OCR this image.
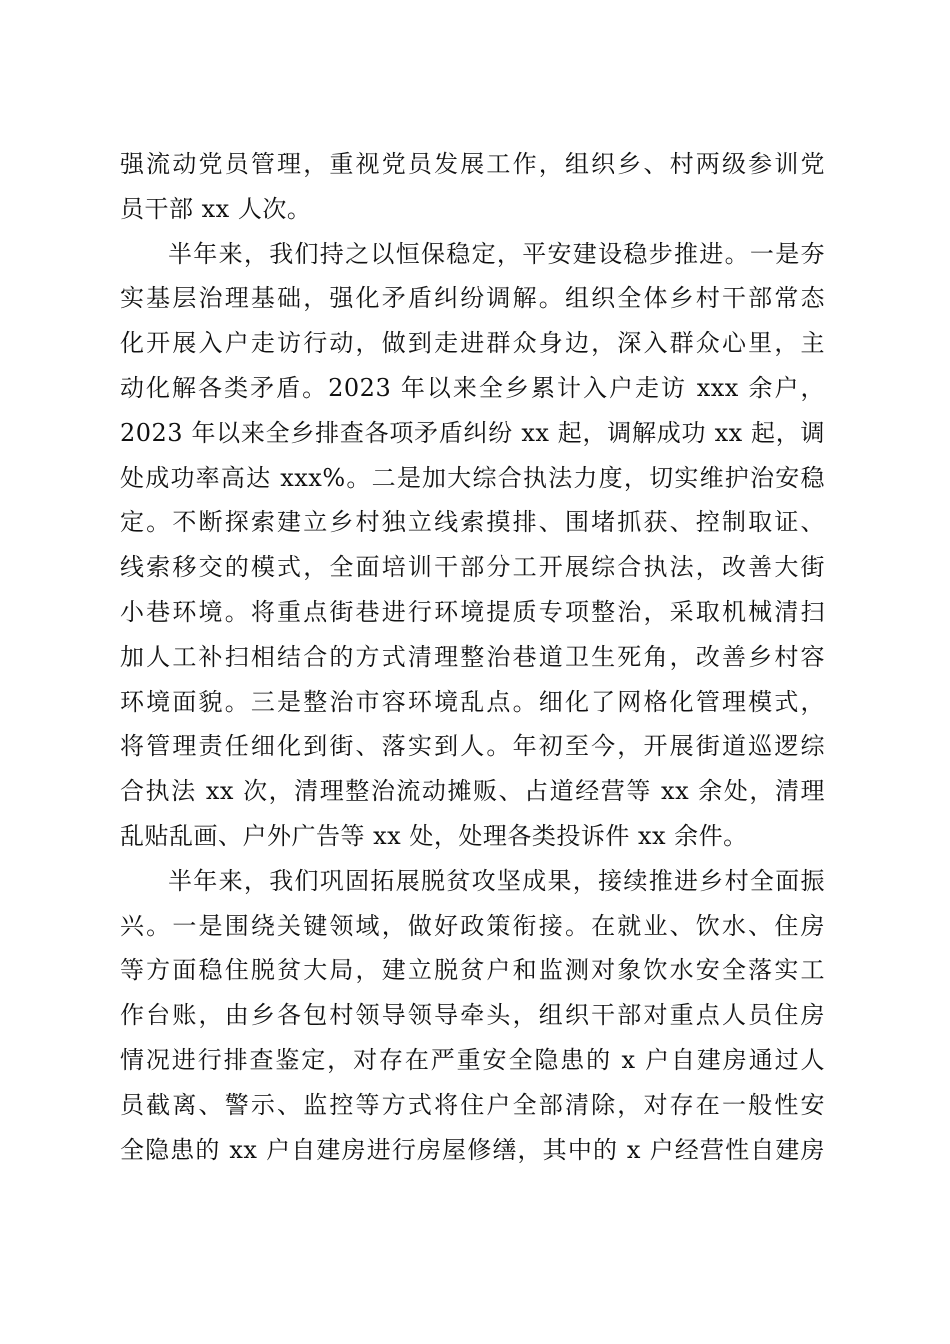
强流动党员管理，重视党员发展工作，组织乡、村两级参训党
员干部 xx 人次。

半年来，我们持之以恒保稳定，平安建设稳步推进。一是夯
实基层治理基础，强化矛盾纠纷调解。组织全体乡村干部常态
化开展入户走访行动，做到走进群众身边，深入群众心里，主
动化解各类矛盾。2023 年以来全乡累计入户走访 xxx 余户，
2023 年以来全乡排查各项矛盾纠纷 xx 起，调解成功 xx 起，调
处成功率高达 xxx%。二是加大综合执法力度，切实维护治安稳
定。不断探索建立乡村独立线索摸排、围堵抓获、控制取证、
线索移交的模式，全面培训干部分工开展综合执法，改善大街
小巷环境。将重点街巷进行环境提质专项整治，采取机械清扫
加人工补扫相结合的方式清理整治巷道卫生死角，改善乡村容
环境面貌。三是整治市容环境乱点。细化了网格化管理模式，
将管理责任细化到街、落实到人。年初至今，开展街道巡逻综
合执法 xx 次，清理整治流动摊贩、占道经营等 xx 余处，清理
乱贴乱画、户外广告等 xx 处，处理各类投诉件 xx 余件。

半年来，我们巩固拓展脱贫攻坚成果，接续推进乡村全面振
兴。一是围绕关键领域，做好政策衔接。在就业、饮水、住房
等方面稳住脱贫大局，建立脱贫户和监测对象饮水安全落实工
作台账，由乡各包村领导领导牵头，组织干部对重点人员住房
情况进行排查鉴定，对存在严重安全隐患的 x 户自建房通过人
员截离、警示、监控等方式将住户全部清除，对存在一般性安
全隐患的 xx 户自建房进行房屋修缮，其中的 x 户经营性自建房
